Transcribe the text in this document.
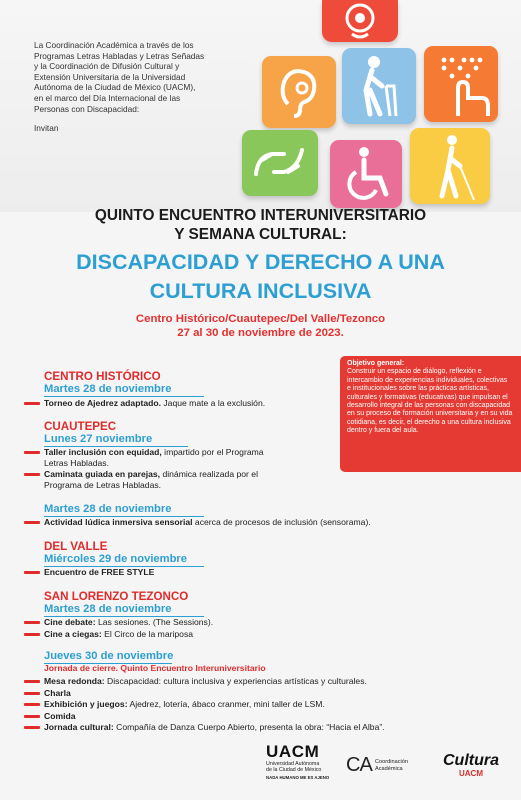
La Coordinación Académica a través de los
Programas Letras Habladas y Letras Señadas
y la Coordinación de Difusión Cultural y
Extensión Universitaria de la Universidad
Autónoma de la Ciudad de México (UACM),
en el marco del Día Internacional de las
Personas con Discapacidad:

Invitan

QUINTO ENCUENTRO INTERUNIVERSITARIO
Y SEMANA CULTURAL:
DISCAPACIDAD Y DERECHO A UNA
CULTURA INCLUSIVA
Centro Histórico/Cuautepec/Del Valle/Tezonco
27 al 30 de noviembre de 2023.
Objetivo general:
Construir un espacio de diálogo, reflexión e intercambio de experiencias individuales, colectivas e institucionales sobre las prácticas artísticas, culturales y formativas (educativas) que impulsan el desarrollo integral de las personas con discapacidad en su proceso de formación universitaria y en su vida cotidiana, es decir, el derecho a una cultura inclusiva dentro y fuera del aula.
CENTRO HISTÓRICO
Martes 28 de noviembre
Torneo de Ajedrez adaptado. Jaque mate a la exclusión.
CUAUTEPEC
Lunes 27 noviembre
Taller inclusión con equidad, impartido por el Programa
Letras Habladas.
Caminata guiada en parejas, dinámica realizada por el
Programa de Letras Habladas.
Martes 28 de noviembre
Actividad lúdica inmersiva sensorial acerca de procesos de inclusión (sensorama).
DEL VALLE
Miércoles 29 de noviembre
Encuentro de FREE STYLE
SAN LORENZO TEZONCO
Martes 28 de noviembre
Cine debate: Las sesiones. (The Sessions).
Cine a ciegas: El Circo de la mariposa
Jueves 30 de noviembre
Jornada de cierre. Quinto Encuentro Interuniversitario
Mesa redonda: Discapacidad: cultura inclusiva y experiencias artísticas y culturales.
Charla
Exhibición y juegos: Ajedrez, lotería, ábaco cranmer, mini taller de LSM.
Comida
Jornada cultural: Compañía de Danza Cuerpo Abierto, presenta la obra: “Hacia el Alba”.
UACM
Universidad Autónoma
de la Ciudad de México
NADA HUMANO ME ES AJENO
CA Coordinación
Académica	Cultura
UACM
